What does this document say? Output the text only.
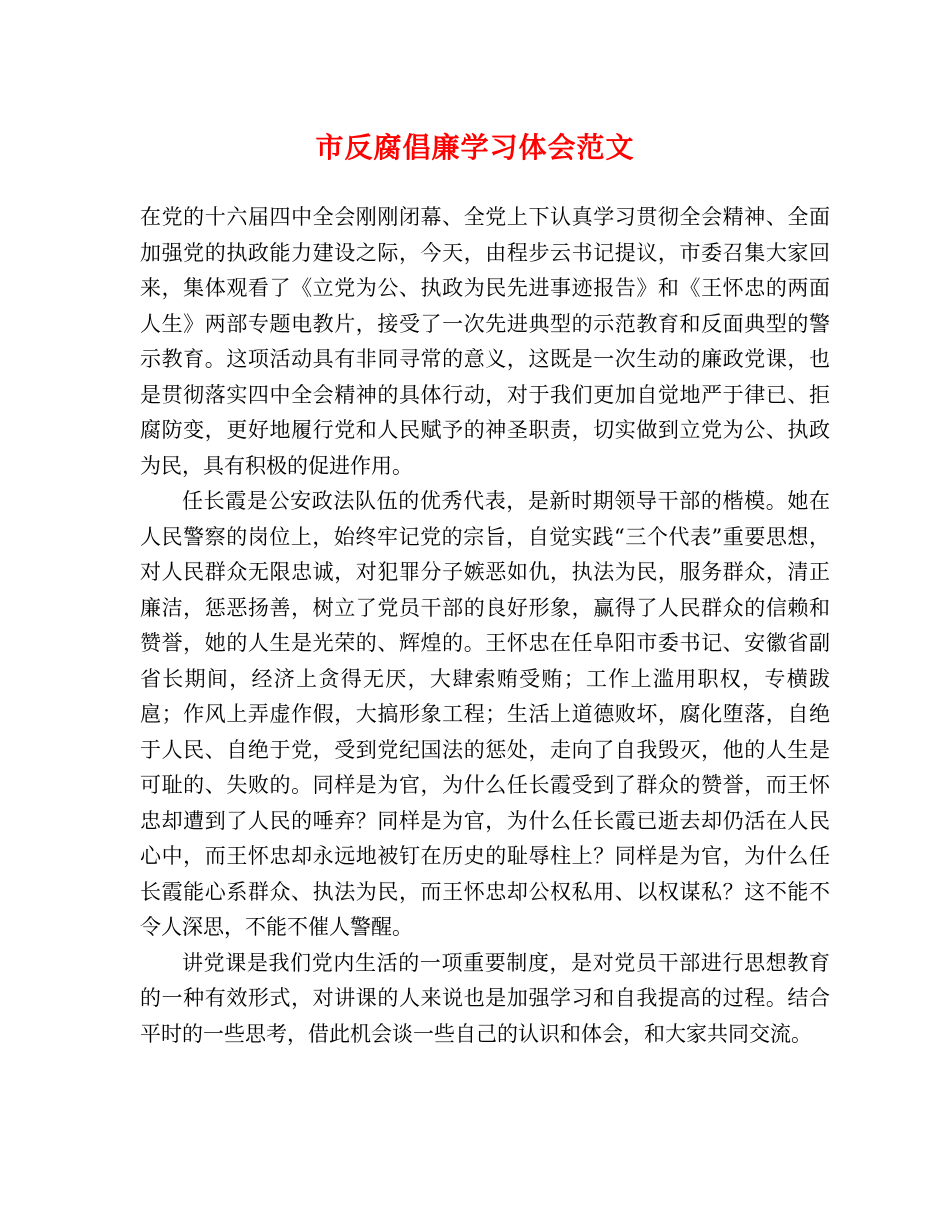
市反腐倡廉学习体会范文

在党的十六届四中全会刚刚闭幕、全党上下认真学习贯彻全会精神、全面加强党的执政能力建设之际，今天，由程步云书记提议，市委召集大家回来，集体观看了《立党为公、执政为民先进事迹报告》和《王怀忠的两面人生》两部专题电教片，接受了一次先进典型的示范教育和反面典型的警示教育。这项活动具有非同寻常的意义，这既是一次生动的廉政党课，也是贯彻落实四中全会精神的具体行动，对于我们更加自觉地严于律已、拒腐防变，更好地履行党和人民赋予的神圣职责，切实做到立党为公、执政为民，具有积极的促进作用。

任长霞是公安政法队伍的优秀代表，是新时期领导干部的楷模。她在人民警察的岗位上，始终牢记党的宗旨，自觉实践“三个代表”重要思想，对人民群众无限忠诚，对犯罪分子嫉恶如仇，执法为民，服务群众，清正廉洁，惩恶扬善，树立了党员干部的良好形象，赢得了人民群众的信赖和赞誉，她的人生是光荣的、辉煌的。王怀忠在任阜阳市委书记、安徽省副省长期间，经济上贪得无厌，大肆索贿受贿；工作上滥用职权，专横跋扈；作风上弄虚作假，大搞形象工程；生活上道德败坏，腐化堕落，自绝于人民、自绝于党，受到党纪国法的惩处，走向了自我毁灭，他的人生是可耻的、失败的。同样是为官，为什么任长霞受到了群众的赞誉，而王怀忠却遭到了人民的唾弃？同样是为官，为什么任长霞已逝去却仍活在人民心中，而王怀忠却永远地被钉在历史的耻辱柱上？同样是为官，为什么任长霞能心系群众、执法为民，而王怀忠却公权私用、以权谋私？这不能不令人深思，不能不催人警醒。

讲党课是我们党内生活的一项重要制度，是对党员干部进行思想教育的一种有效形式，对讲课的人来说也是加强学习和自我提高的过程。结合平时的一些思考，借此机会谈一些自己的认识和体会，和大家共同交流。
